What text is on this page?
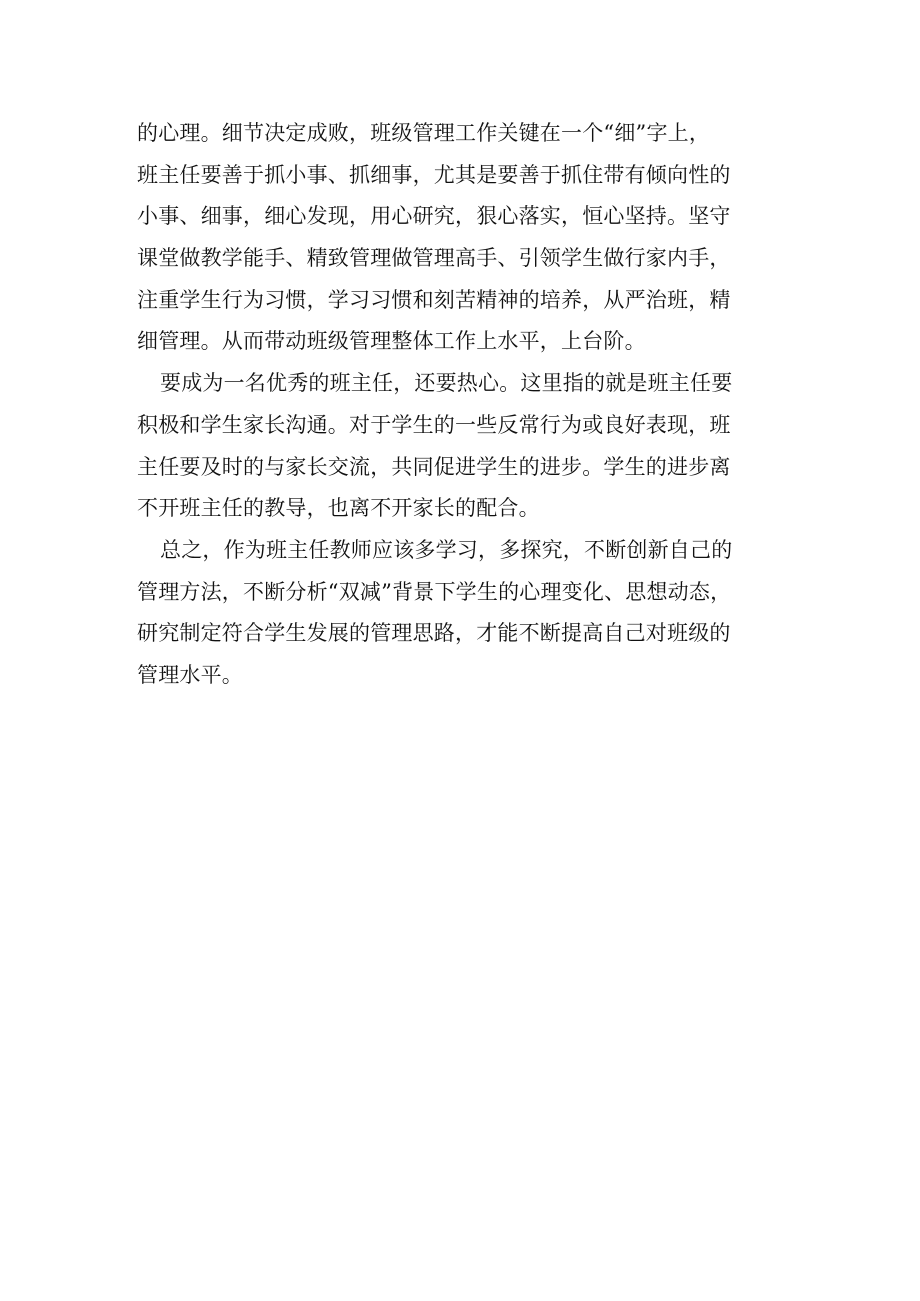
的心理。细节决定成败，班级管理工作关键在一个“细”字上，
班主任要善于抓小事、抓细事，尤其是要善于抓住带有倾向性的
小事、细事，细心发现，用心研究，狠心落实，恒心坚持。坚守
课堂做教学能手、精致管理做管理高手、引领学生做行家内手，
注重学生行为习惯，学习习惯和刻苦精神的培养，从严治班，精
细管理。从而带动班级管理整体工作上水平，上台阶。
要成为一名优秀的班主任，还要热心。这里指的就是班主任要
积极和学生家长沟通。对于学生的一些反常行为或良好表现，班
主任要及时的与家长交流，共同促进学生的进步。学生的进步离
不开班主任的教导，也离不开家长的配合。
总之，作为班主任教师应该多学习，多探究，不断创新自己的
管理方法，不断分析“双减”背景下学生的心理变化、思想动态，
研究制定符合学生发展的管理思路，才能不断提高自己对班级的
管理水平。
